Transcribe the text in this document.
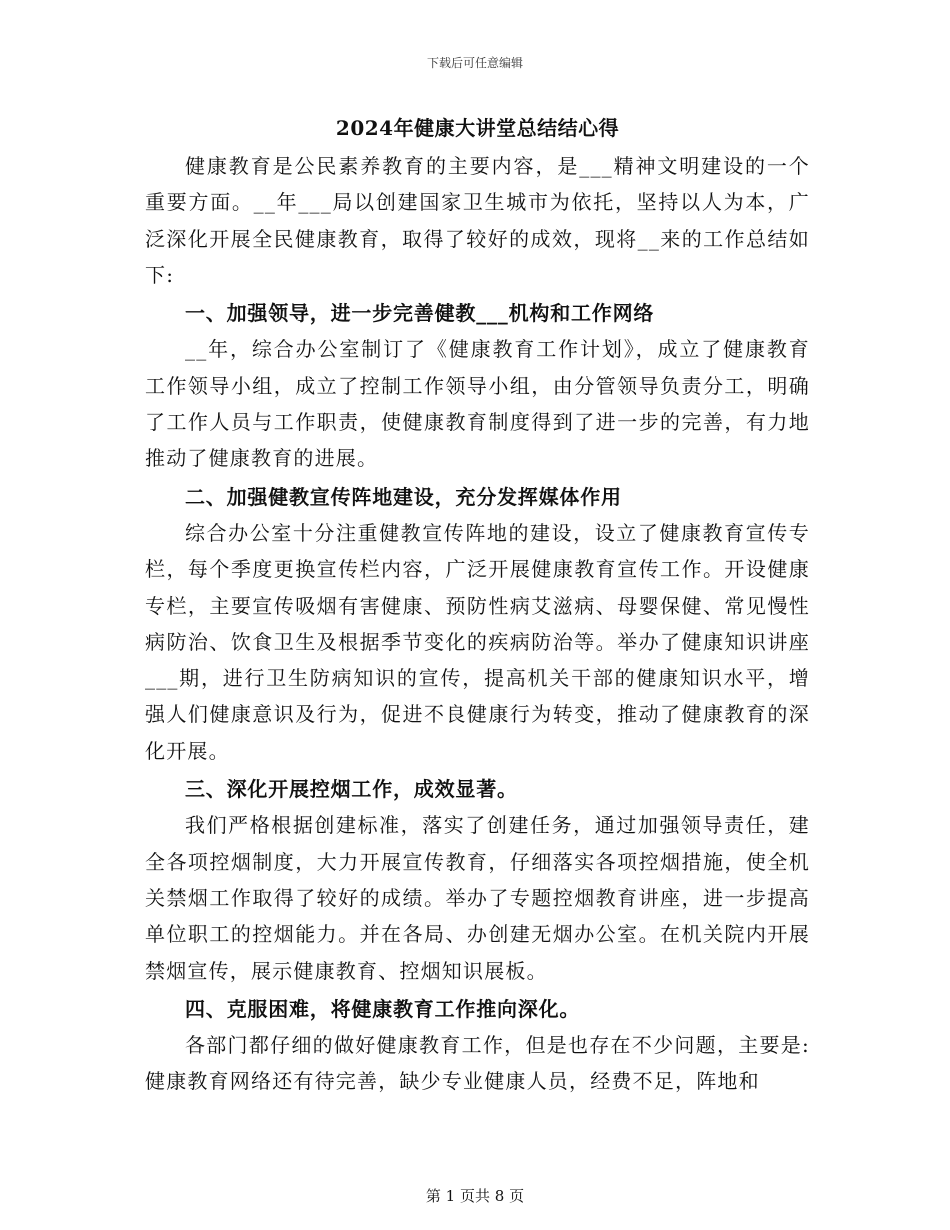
下载后可任意编辑
2024年健康大讲堂总结结心得

健康教育是公民素养教育的主要内容，是___精神文明建设的一个重要方面。__年___局以创建国家卫生城市为依托，坚持以人为本，广泛深化开展全民健康教育，取得了较好的成效，现将__来的工作总结如下:

一、加强领导，进一步完善健教___机构和工作网络

__年，综合办公室制订了《健康教育工作计划》，成立了健康教育工作领导小组，成立了控制工作领导小组，由分管领导负责分工，明确了工作人员与工作职责，使健康教育制度得到了进一步的完善，有力地推动了健康教育的进展。

二、加强健教宣传阵地建设，充分发挥媒体作用

综合办公室十分注重健教宣传阵地的建设，设立了健康教育宣传专栏，每个季度更换宣传栏内容，广泛开展健康教育宣传工作。开设健康专栏，主要宣传吸烟有害健康、预防性病艾滋病、母婴保健、常见慢性病防治、饮食卫生及根据季节变化的疾病防治等。举办了健康知识讲座___期，进行卫生防病知识的宣传，提高机关干部的健康知识水平，增强人们健康意识及行为，促进不良健康行为转变，推动了健康教育的深化开展。

三、深化开展控烟工作，成效显著。

我们严格根据创建标准，落实了创建任务，通过加强领导责任，建全各项控烟制度，大力开展宣传教育，仔细落实各项控烟措施，使全机关禁烟工作取得了较好的成绩。举办了专题控烟教育讲座，进一步提高单位职工的控烟能力。并在各局、办创建无烟办公室。在机关院内开展禁烟宣传，展示健康教育、控烟知识展板。

四、克服困难，将健康教育工作推向深化。

各部门都仔细的做好健康教育工作，但是也存在不少问题，主要是:健康教育网络还有待完善，缺少专业健康人员，经费不足，阵地和

第 1 页共 8 页
